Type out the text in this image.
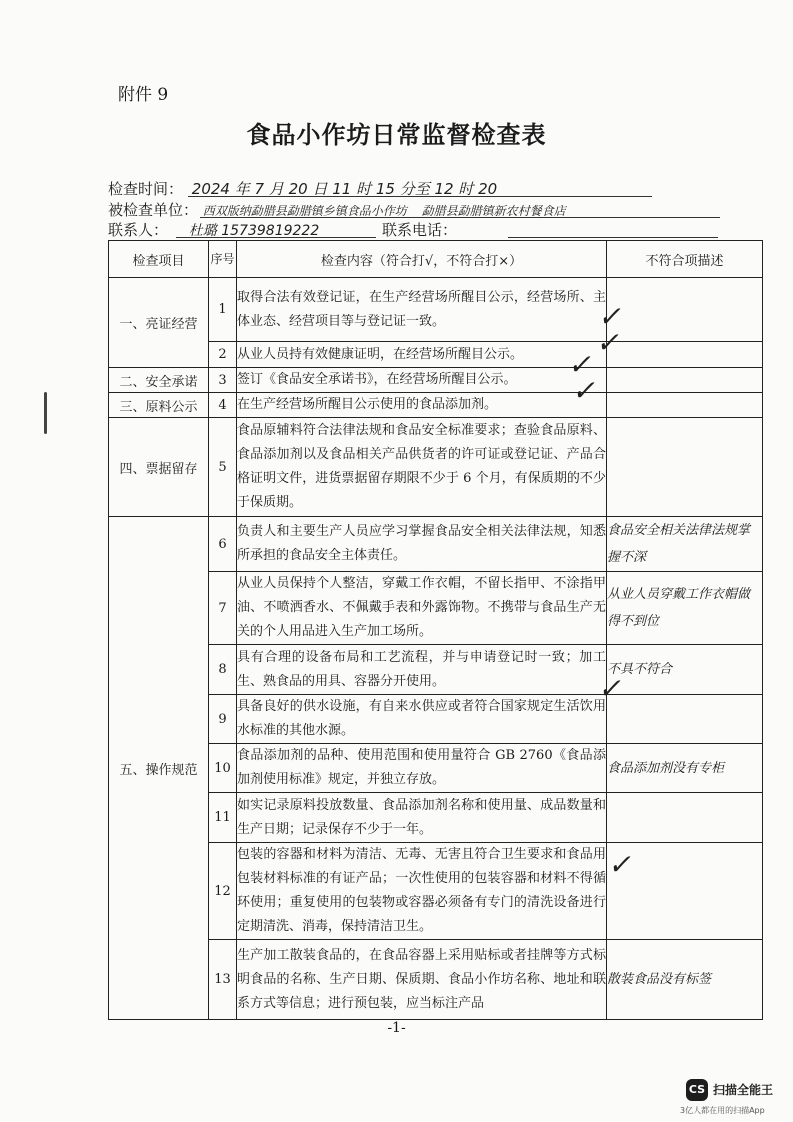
附件 9
食品小作坊日常监督检查表
检查时间： 2024 年 7 月 20 日 11 时 15 分至 12 时 20
被检查单位： 西双版纳勐腊县勐腊镇乡镇食品小作坊 勐腊县勐腊镇新农村餐食店
联系人： 杜璐 15739819222	联系电话：
检查项目	序号	检查内容（符合打√，不符合打×）	不符合项描述
一、亮证经营	1	取得合法有效登记证，在生产经营场所醒目公示，经营场所、主体业态、经营项目等与登记证一致。	
	2	从业人员持有效健康证明，在经营场所醒目公示。	
二、安全承诺	3	签订《食品安全承诺书》，在经营场所醒目公示。	
三、原料公示	4	在生产经营场所醒目公示使用的食品添加剂。	
四、票据留存	5	食品原辅料符合法律法规和食品安全标准要求；查验食品原料、食品添加剂以及食品相关产品供货者的许可证或登记证、产品合格证明文件，进货票据留存期限不少于 6 个月，有保质期的不少于保质期。	
五、操作规范	6	负责人和主要生产人员应学习掌握食品安全相关法律法规，知悉所承担的食品安全主体责任。	食品安全相关法律法规掌握不深
	7	从业人员保持个人整洁，穿戴工作衣帽，不留长指甲、不涂指甲油、不喷洒香水、不佩戴手表和外露饰物。不携带与食品生产无关的个人用品进入生产加工场所。	从业人员穿戴工作衣帽做得不到位
	8	具有合理的设备布局和工艺流程，并与申请登记时一致；加工生、熟食品的用具、容器分开使用。	不具不符合
	9	具备良好的供水设施，有自来水供应或者符合国家规定生活饮用水标准的其他水源。	
	10	食品添加剂的品种、使用范围和使用量符合 GB 2760《食品添加剂使用标准》规定，并独立存放。	食品添加剂没有专柜
	11	如实记录原料投放数量、食品添加剂名称和使用量、成品数量和生产日期；记录保存不少于一年。	
	12	包装的容器和材料为清洁、无毒、无害且符合卫生要求和食品用包装材料标准的有证产品；一次性使用的包装容器和材料不得循环使用；重复使用的包装物或容器必须备有专门的清洗设备进行定期清洗、消毒，保持清洁卫生。	
	13	生产加工散装食品的，在食品容器上采用贴标或者挂牌等方式标明食品的名称、生产日期、保质期、食品小作坊名称、地址和联系方式等信息；进行预包装，应当标注产品	散装食品没有标签
✓
✓
✓
✓
✓
✓
-1-
CS 扫描全能王
3亿人都在用的扫描App
